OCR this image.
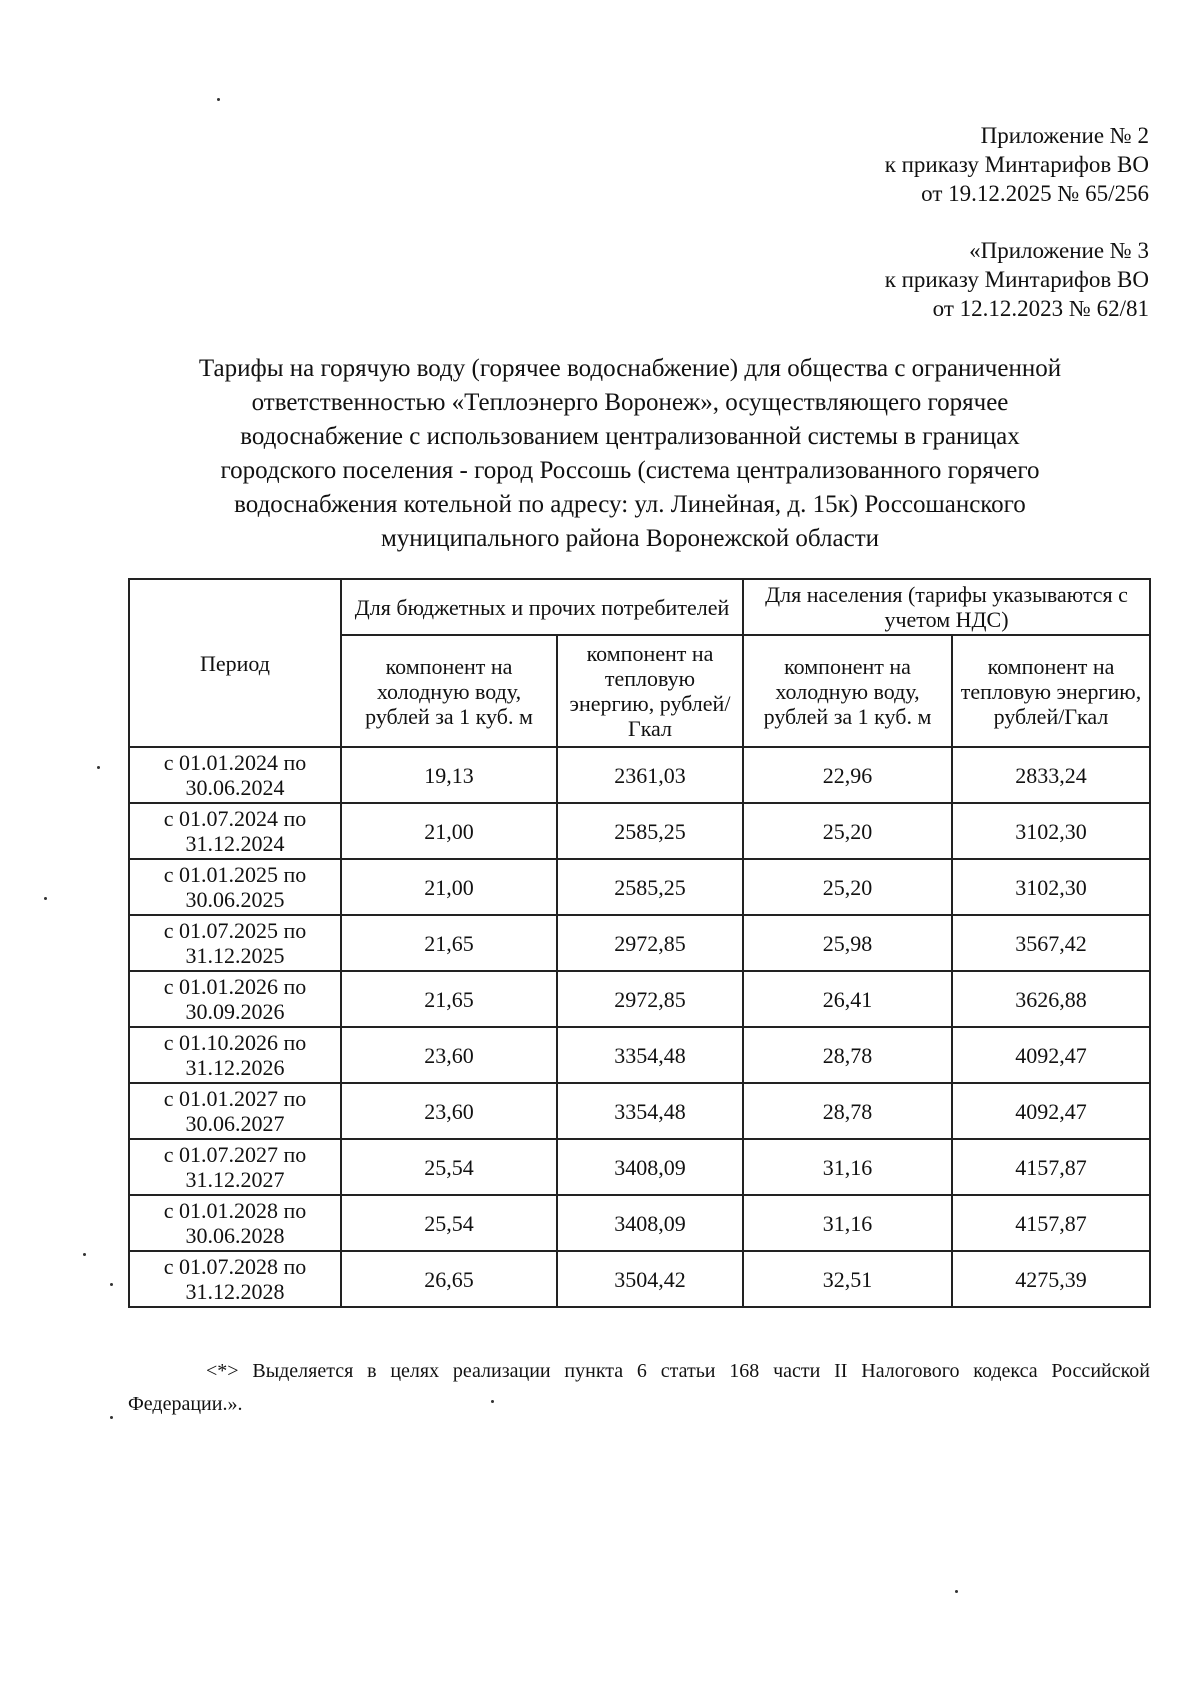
Приложение № 2
к приказу Минтарифов ВО
от 19.12.2025 № 65/256
«Приложение № 3
к приказу Минтарифов ВО
от 12.12.2023 № 62/81
Тарифы на горячую воду (горячее водоснабжение) для общества с ограниченной
ответственностью «Теплоэнерго Воронеж», осуществляющего горячее
водоснабжение с использованием централизованной системы в границах
городского поселения - город Россошь (система централизованного горячего
водоснабжения котельной по адресу: ул. Линейная, д. 15к) Россошанского
муниципального района Воронежской области
Период	Для бюджетных и прочих потребителей		Для населения (тарифы указываются с учетом НДС)	
	компонент на холодную воду, рублей за 1 куб. м	компонент на тепловую энергию, рублей/Гкал	компонент на холодную воду, рублей за 1 куб. м	компонент на тепловую энергию, рублей/Гкал

с 01.01.2024 по
30.06.2024	19,13	2361,03	22,96	2833,24

с 01.07.2024 по
31.12.2024	21,00	2585,25	25,20	3102,30

с 01.01.2025 по
30.06.2025	21,00	2585,25	25,20	3102,30

с 01.07.2025 по
31.12.2025	21,65	2972,85	25,98	3567,42

с 01.01.2026 по
30.09.2026	21,65	2972,85	26,41	3626,88

с 01.10.2026 по
31.12.2026	23,60	3354,48	28,78	4092,47

с 01.01.2027 по
30.06.2027	23,60	3354,48	28,78	4092,47

с 01.07.2027 по
31.12.2027	25,54	3408,09	31,16	4157,87

с 01.01.2028 по
30.06.2028	25,54	3408,09	31,16	4157,87

с 01.07.2028 по
31.12.2028	26,65	3504,42	32,51	4275,39
<*> Выделяется в целях реализации пункта 6 статьи 168 части II Налогового кодекса Российской Федерации.».
